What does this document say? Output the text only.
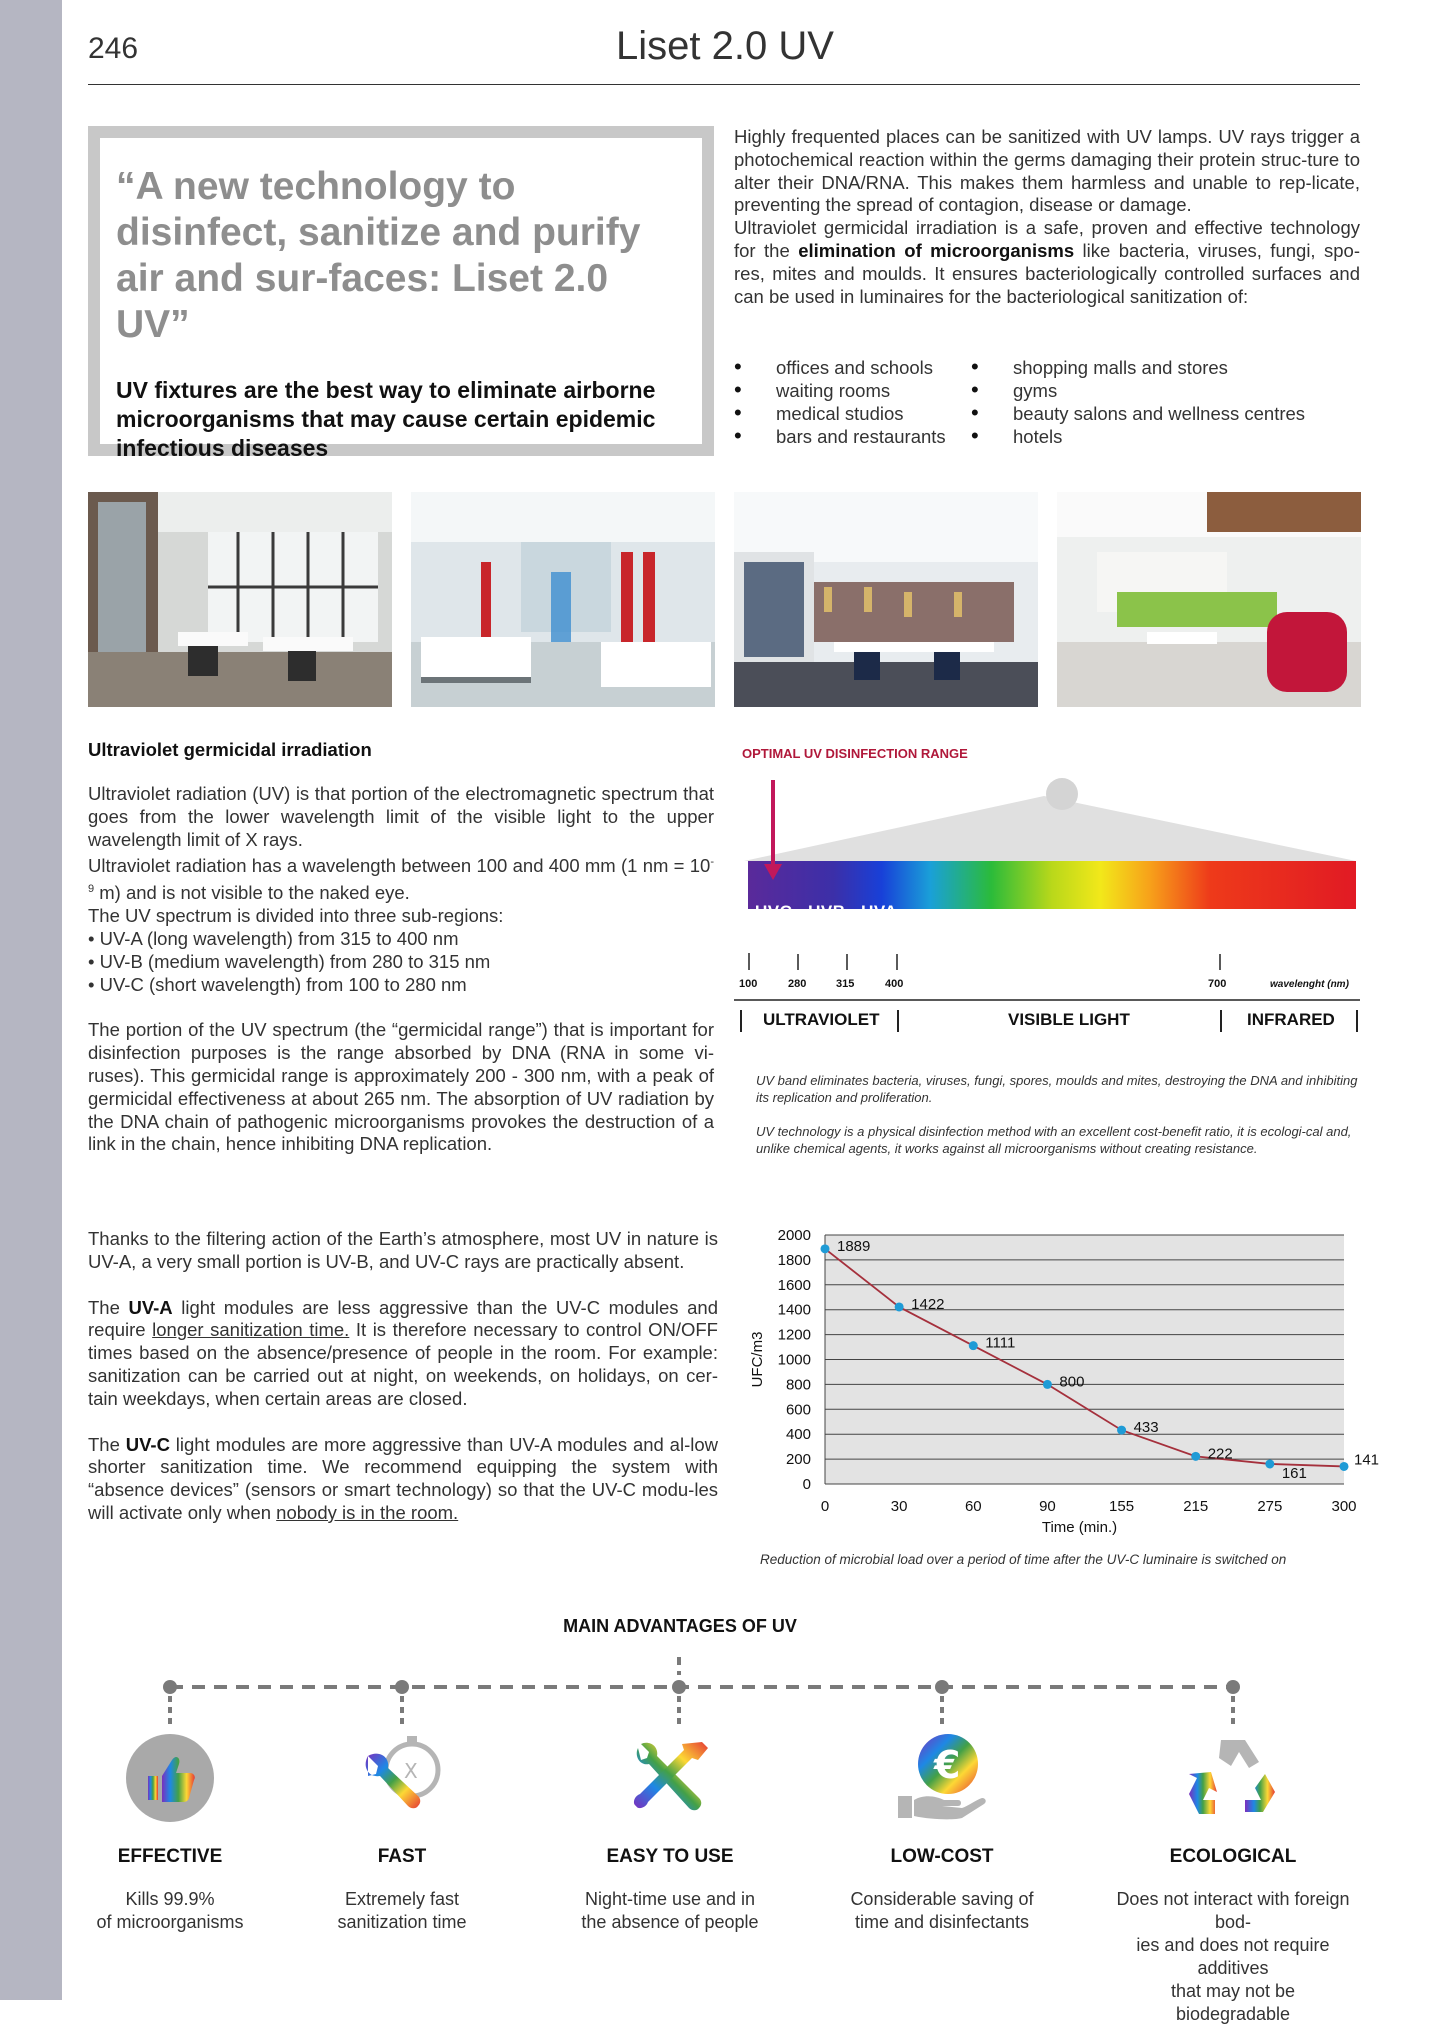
246	Liset 2.0 UV
“A new technology to disinfect, sanitize and purify air and sur-faces: Liset 2.0 UV”
UV fixtures are the best way to eliminate airborne microorganisms that may cause certain epidemic infectious diseases
Highly frequented places can be sanitized with UV lamps. UV rays trigger a photochemical reaction within the germs damaging their protein struc-ture to alter their DNA/RNA. This makes them harmless and unable to rep-licate, preventing the spread of contagion, disease or damage.
Ultraviolet germicidal irradiation is a safe, proven and effective technology for the elimination of microorganisms like bacteria, viruses, fungi, spo-res, mites and moulds. It ensures bacteriologically controlled surfaces and can be used in luminaires for the bacteriological sanitization of:
• offices and schools
• waiting rooms
• medical studios
• bars and restaurants
• shopping malls and stores
• gyms
• beauty salons and wellness centres
• hotels
Ultraviolet germicidal irradiation
Ultraviolet radiation (UV) is that portion of the electromagnetic spectrum that goes from the lower wavelength limit of the visible light to the upper wavelength limit of X rays.
Ultraviolet radiation has a wavelength between 100 and 400 mm (1 nm = $10^{-9}$ m) and is not visible to the naked eye.
The UV spectrum is divided into three sub-regions:
• UV-A (long wavelength) from 315 to 400 nm
• UV-B (medium wavelength) from 280 to 315 nm
• UV-C (short wavelength) from 100 to 280 nm
The portion of the UV spectrum (the “germicidal range”) that is important for disinfection purposes is the range absorbed by DNA (RNA in some vi-ruses). This germicidal range is approximately 200 - 300 nm, with a peak of germicidal effectiveness at about 265 nm. The absorption of UV radiation by the DNA chain of pathogenic microorganisms provokes the destruction of a link in the chain, hence inhibiting DNA replication.
OPTIMAL UV DISINFECTION RANGE
UVC UVB UVA
100	280	315	400	700	wavelenght (nm)
ULTRAVIOLET	VISIBLE LIGHT	INFRARED
UV band eliminates bacteria, viruses, fungi, spores, moulds and mites, destroying the DNA and inhibiting its replication and proliferation.
UV technology is a physical disinfection method with an excellent cost-benefit ratio, it is ecologi-cal and, unlike chemical agents, it works against all microorganisms without creating resistance.
Thanks to the filtering action of the Earth’s atmosphere, most UV in nature is UV-A, a very small portion is UV-B, and UV-C rays are practically absent.
The UV-A light modules are less aggressive than the UV-C modules and require longer sanitization time. It is therefore necessary to control ON/OFF times based on the absence/presence of people in the room. For example: sanitization can be carried out at night, on weekends, on holidays, on cer-tain weekdays, when certain areas are closed.
The UV-C light modules are more aggressive than UV-A modules and al-low shorter sanitization time. We recommend equipping the system with “absence devices” (sensors or smart technology) so that the UV-C modu-les will activate only when nobody is in the room.
0
200
400
600
800
1000
1200
1400
1600
1800
2000
0	30	60	90	155	215	275	300
Time (min.)
UFC/m3
1889
1422
1111
800
433
222
161
141
Reduction of microbial load over a period of time after the UV-C luminaire is switched on
MAIN ADVANTAGES OF UV
EFFECTIVE
Kills 99.9%
of microorganisms
X
FAST
Extremely fast
sanitization time
EASY TO USE
Night-time use and in
the absence of people
€
LOW-COST
Considerable saving of
time and disinfectants
ECOLOGICAL
Does not interact with foreign bod-
ies and does not require additives
that may not be biodegradable
